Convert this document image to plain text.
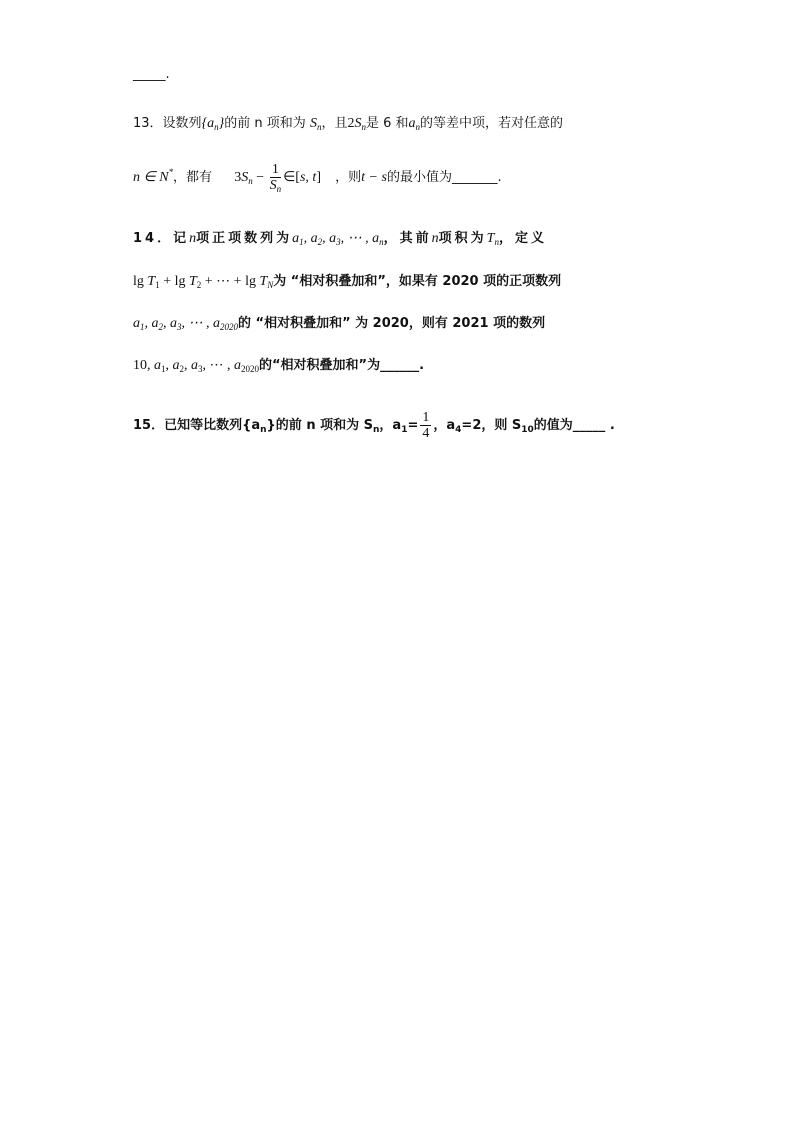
_____.
13．设数列$\{a_n\}$的前 n 项和为 $S_n$，且$2S_n$是 6 和$a_n$的等差中项，若对任意的
n ∈ N*，都有 $3S_n - \frac{1}{S_n}$ ∈[s, t] ，则t − s的最小值为_______.
14．记n项正项数列为$a_1$, $a_2$, $a_3$, ⋯ , $a_n$，其前n项积为$T_n$，定义
$\lg T_1 + \lg T_2$ + ⋯ + $\lg T_N$为 “相对积叠加和”，如果有 2020 项的正项数列
$a_1$, $a_2$, $a_3$, ⋯ , $a_{2020}$的 “相对积叠加和” 为 2020，则有 2021 项的数列
10, $a_1$, $a_2$, $a_3$, ⋯ , $a_{2020}$的“相对积叠加和”为______.
15．已知等比数列$\{a_n\}$的前 n 项和为 $S_n$，$a_1= \frac{1}{4}$ ，$a_4=2$，则 $S_{10}$的值为_____ .
